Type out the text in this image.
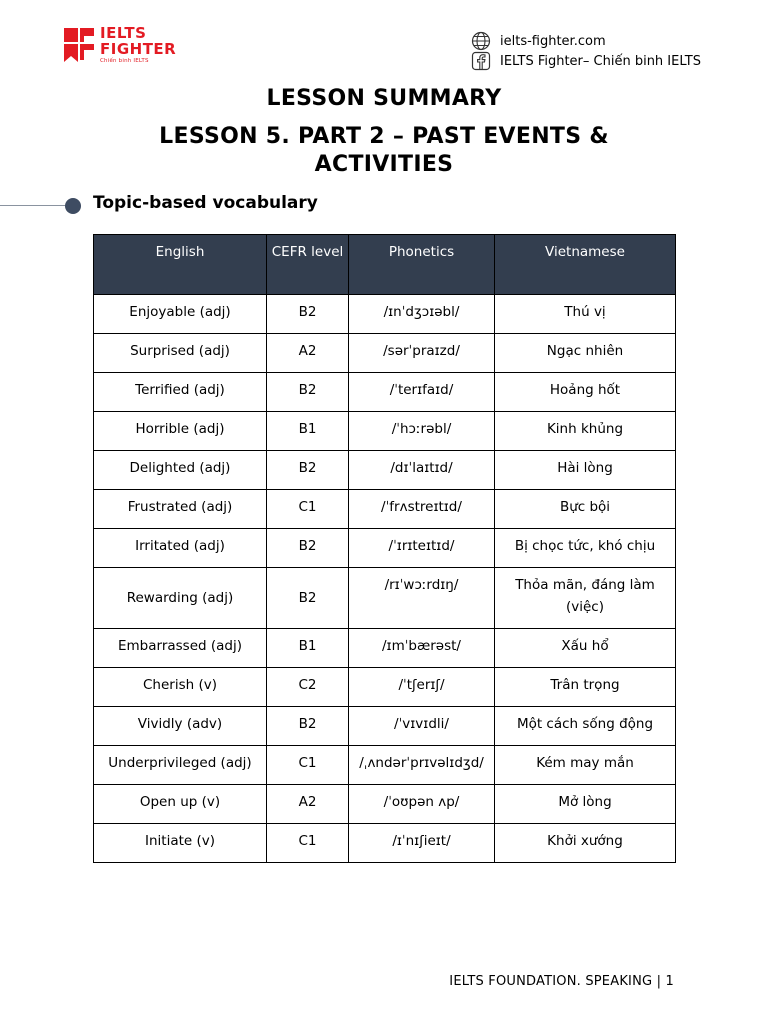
IELTS
FIGHTER
Chiến binh IELTS
ielts-fighter.com
IELTS Fighter– Chiến binh IELTS
LESSON SUMMARY
LESSON 5. PART 2 – PAST EVENTS & ACTIVITIES
Topic-based vocabulary
English	CEFR level	Phonetics	Vietnamese
Enjoyable (adj)	B2	/ɪnˈdʒɔɪəbl/	Thú vị
Surprised (adj)	A2	/sərˈpraɪzd/	Ngạc nhiên
Terrified (adj)	B2	/ˈterɪfaɪd/	Hoảng hốt
Horrible (adj)	B1	/ˈhɔːrəbl/	Kinh khủng
Delighted (adj)	B2	/dɪˈlaɪtɪd/	Hài lòng
Frustrated (adj)	C1	/ˈfrʌstreɪtɪd/	Bực bội
Irritated (adj)	B2	/ˈɪrɪteɪtɪd/	Bị chọc tức, khó chịu
Rewarding (adj)	B2	/rɪˈwɔːrdɪŋ/	Thỏa mãn, đáng làm (việc)
Embarrassed (adj)	B1	/ɪmˈbærəst/	Xấu hổ
Cherish (v)	C2	/ˈtʃerɪʃ/	Trân trọng
Vividly (adv)	B2	/ˈvɪvɪdli/	Một cách sống động
Underprivileged (adj)	C1	/ˌʌndərˈprɪvəlɪdʒd/	Kém may mắn
Open up (v)	A2	/ˈoʊpən ʌp/	Mở lòng
Initiate (v)	C1	/ɪˈnɪʃieɪt/	Khởi xướng
IELTS FOUNDATION. SPEAKING | 1
